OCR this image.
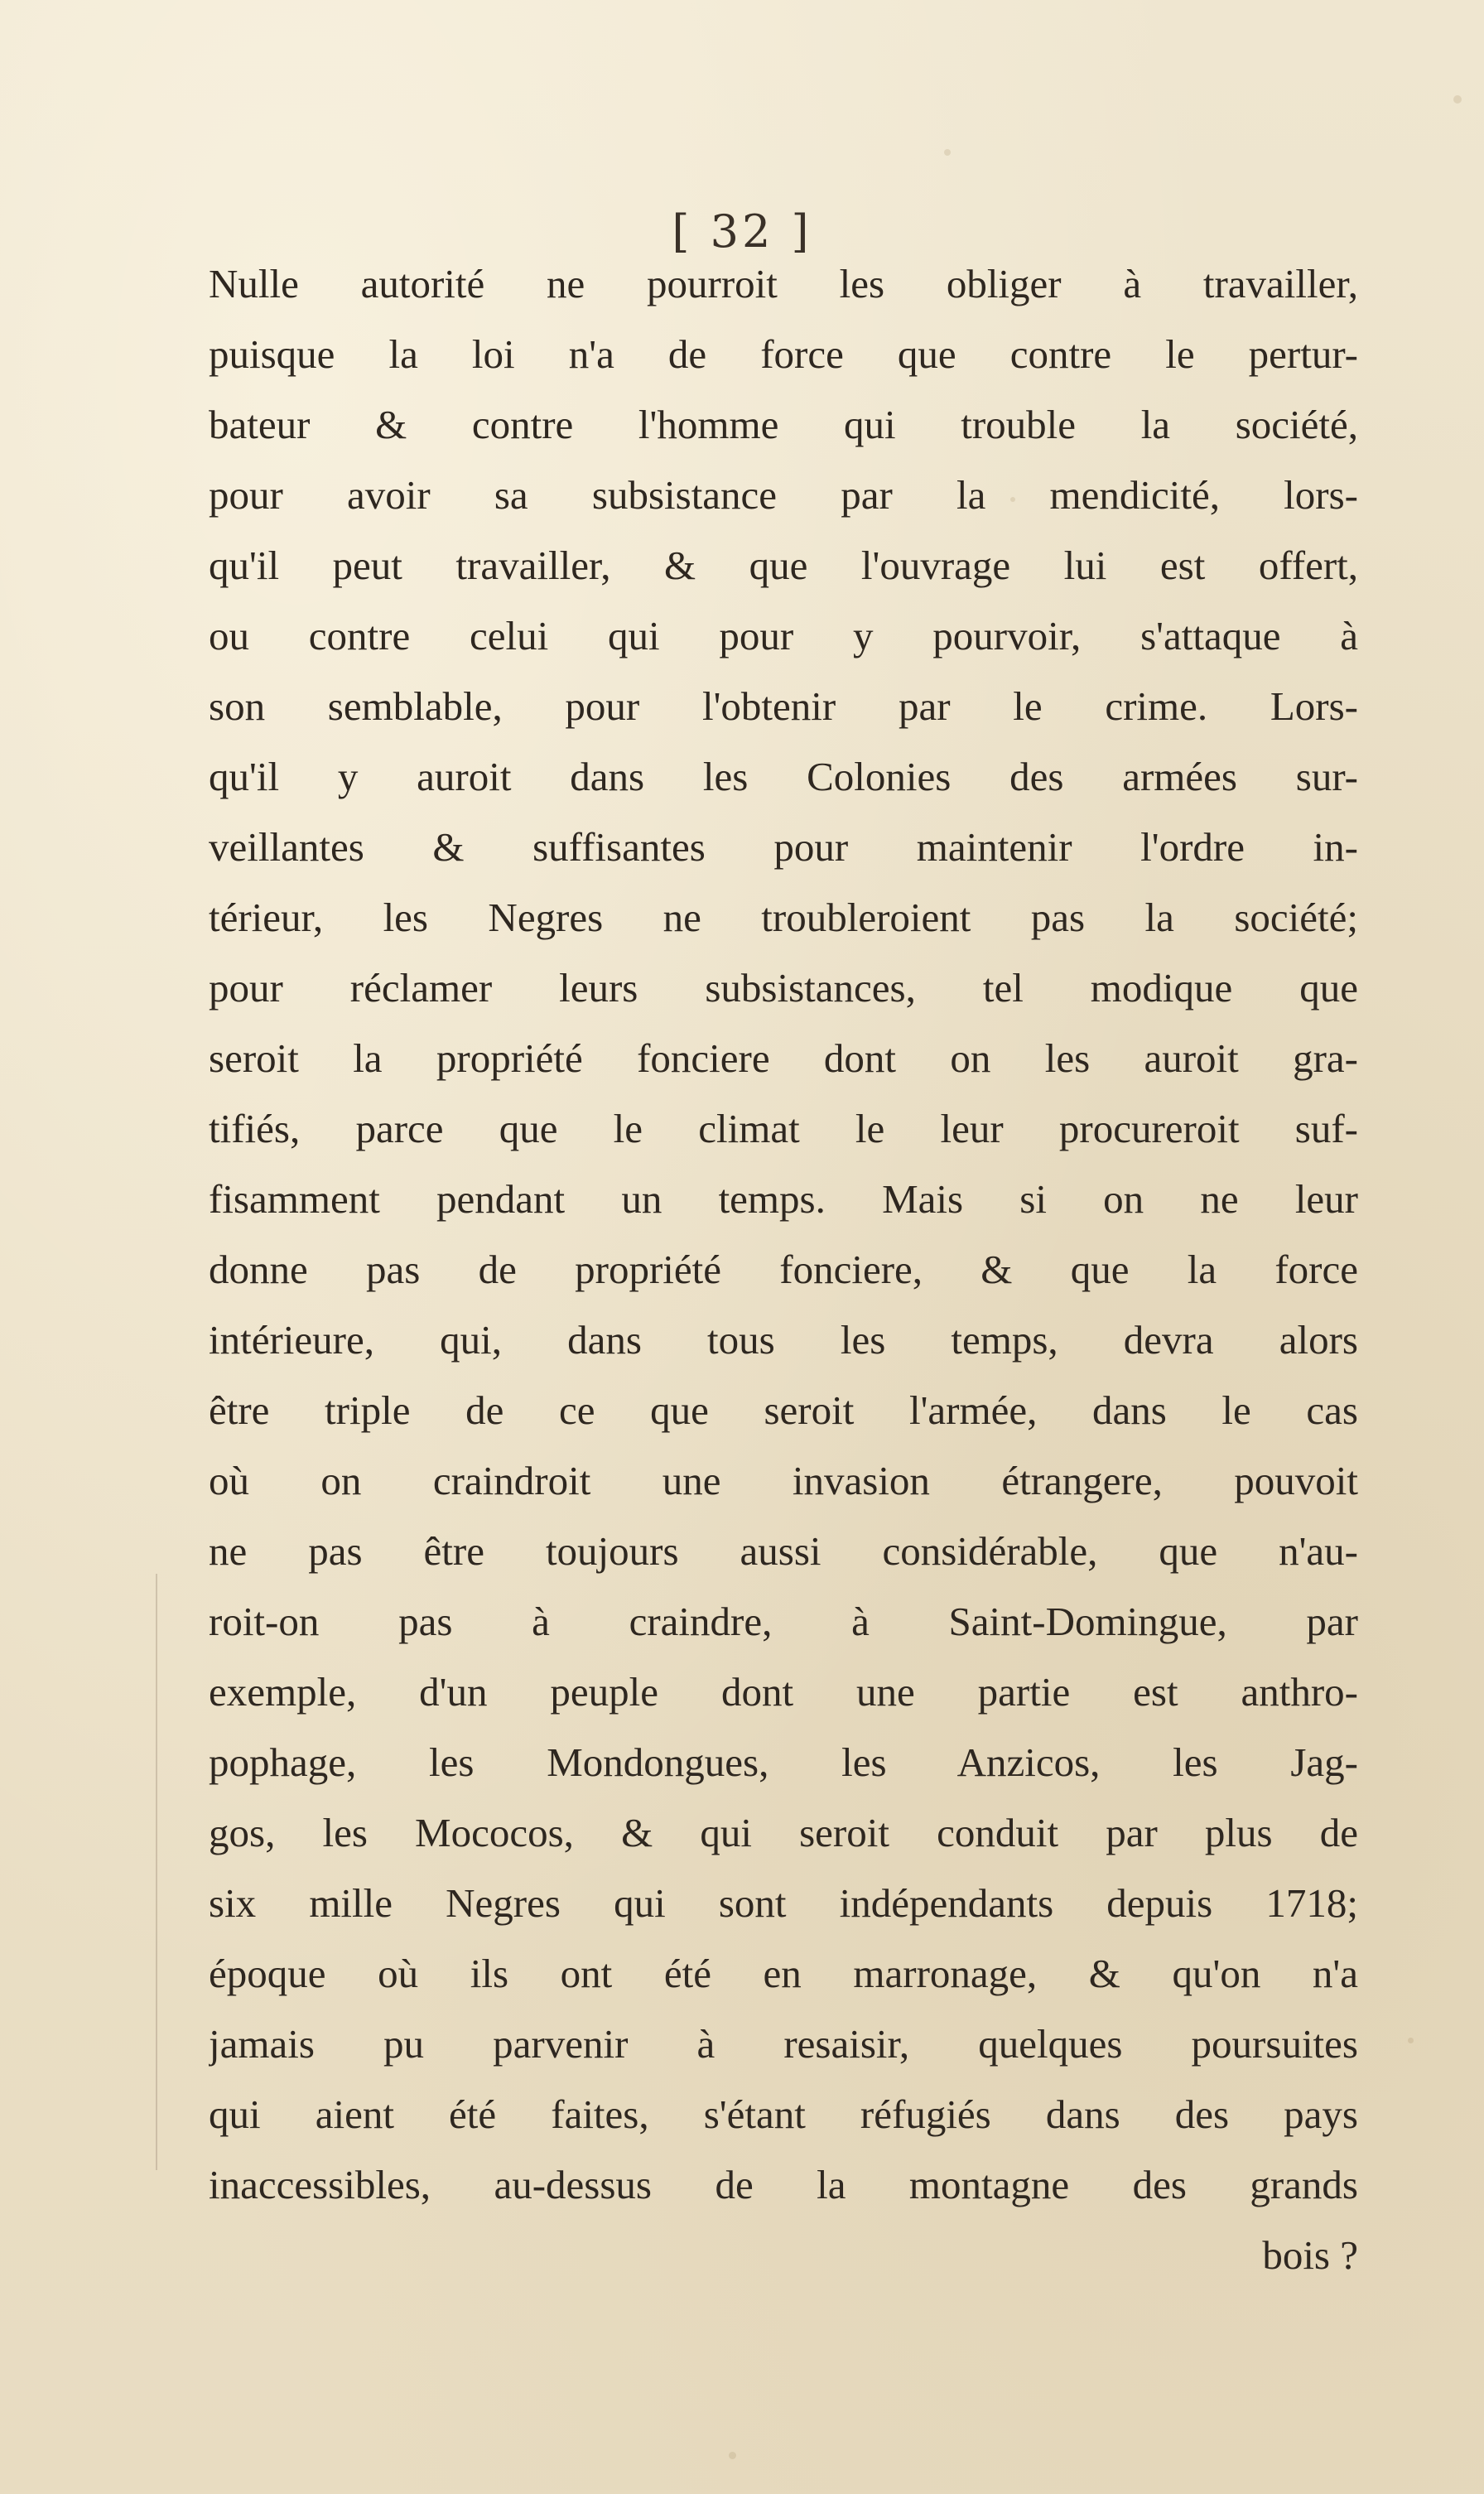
[ 32 ]
Nulle autorité ne pourroit les obliger à travailler,
puisque la loi n'a de force que contre le pertur-
bateur & contre l'homme qui trouble la société,
pour avoir sa subsistance par la mendicité, lors-
qu'il peut travailler, & que l'ouvrage lui est offert,
ou contre celui qui pour y pourvoir, s'attaque à
son semblable, pour l'obtenir par le crime. Lors-
qu'il y auroit dans les Colonies des armées sur-
veillantes & suffisantes pour maintenir l'ordre in-
térieur, les Negres ne troubleroient pas la société;
pour réclamer leurs subsistances, tel modique que
seroit la propriété fonciere dont on les auroit gra-
tifiés, parce que le climat le leur procureroit suf-
fisamment pendant un temps. Mais si on ne leur
donne pas de propriété fonciere, & que la force
intérieure, qui, dans tous les temps, devra alors
être triple de ce que seroit l'armée, dans le cas
où on craindroit une invasion étrangere, pouvoit
ne pas être toujours aussi considérable, que n'au-
roit-on pas à craindre, à Saint-Domingue, par
exemple, d'un peuple dont une partie est anthro-
pophage, les Mondongues, les Anzicos, les Jag-
gos, les Mococos, & qui seroit conduit par plus de
six mille Negres qui sont indépendants depuis 1718;
époque où ils ont été en marronage, & qu'on n'a
jamais pu parvenir à resaisir, quelques poursuites
qui aient été faites, s'étant réfugiés dans des pays
inaccessibles, au-dessus de la montagne des grands
bois ?
